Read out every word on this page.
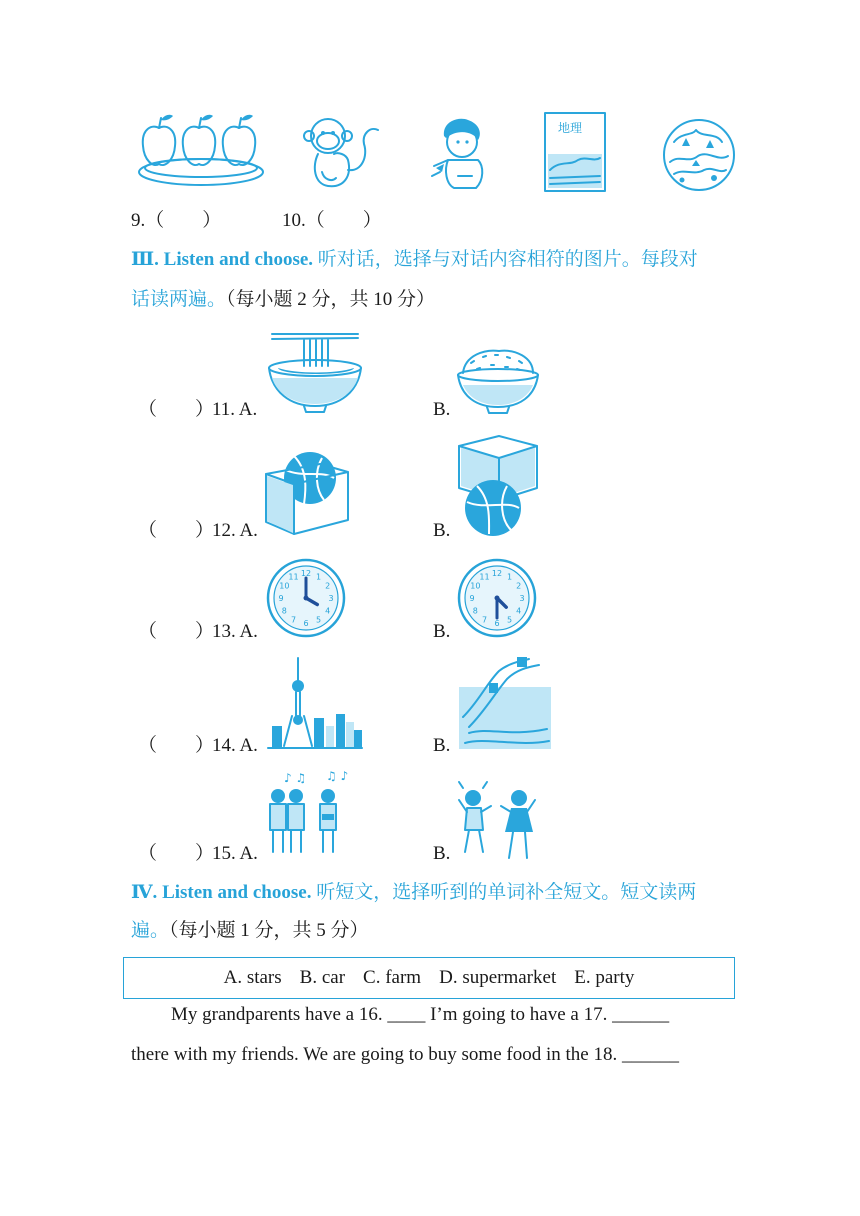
地理
9.（　　）	10.（　　）
Ⅲ. Listen and choose. 听对话，选择与对话内容相符的图片。每段对
话读两遍。（每小题 2 分，共 10 分）
（　　）
11. A.	B.
（　　）
12. A.	B.
（　　）
13. A.
1
2
3
4
5
6
7
8
9
10
11 12
B.
1
2
3
4
5
6
7
8
9
10
11 12
（　　）
14. A.	B.
（　　）
15. A.
♪ ♫ ♫ ♪
B.
Ⅳ. Listen and choose. 听短文，选择听到的单词补全短文。短文读两
遍。（每小题 1 分，共 5 分）
A. stars B. car C. farm D. supermarket E. party
My grandparents have a 16. ____ I’m going to have a 17. ______
there with my friends. We are going to buy some food in the 18. ______
